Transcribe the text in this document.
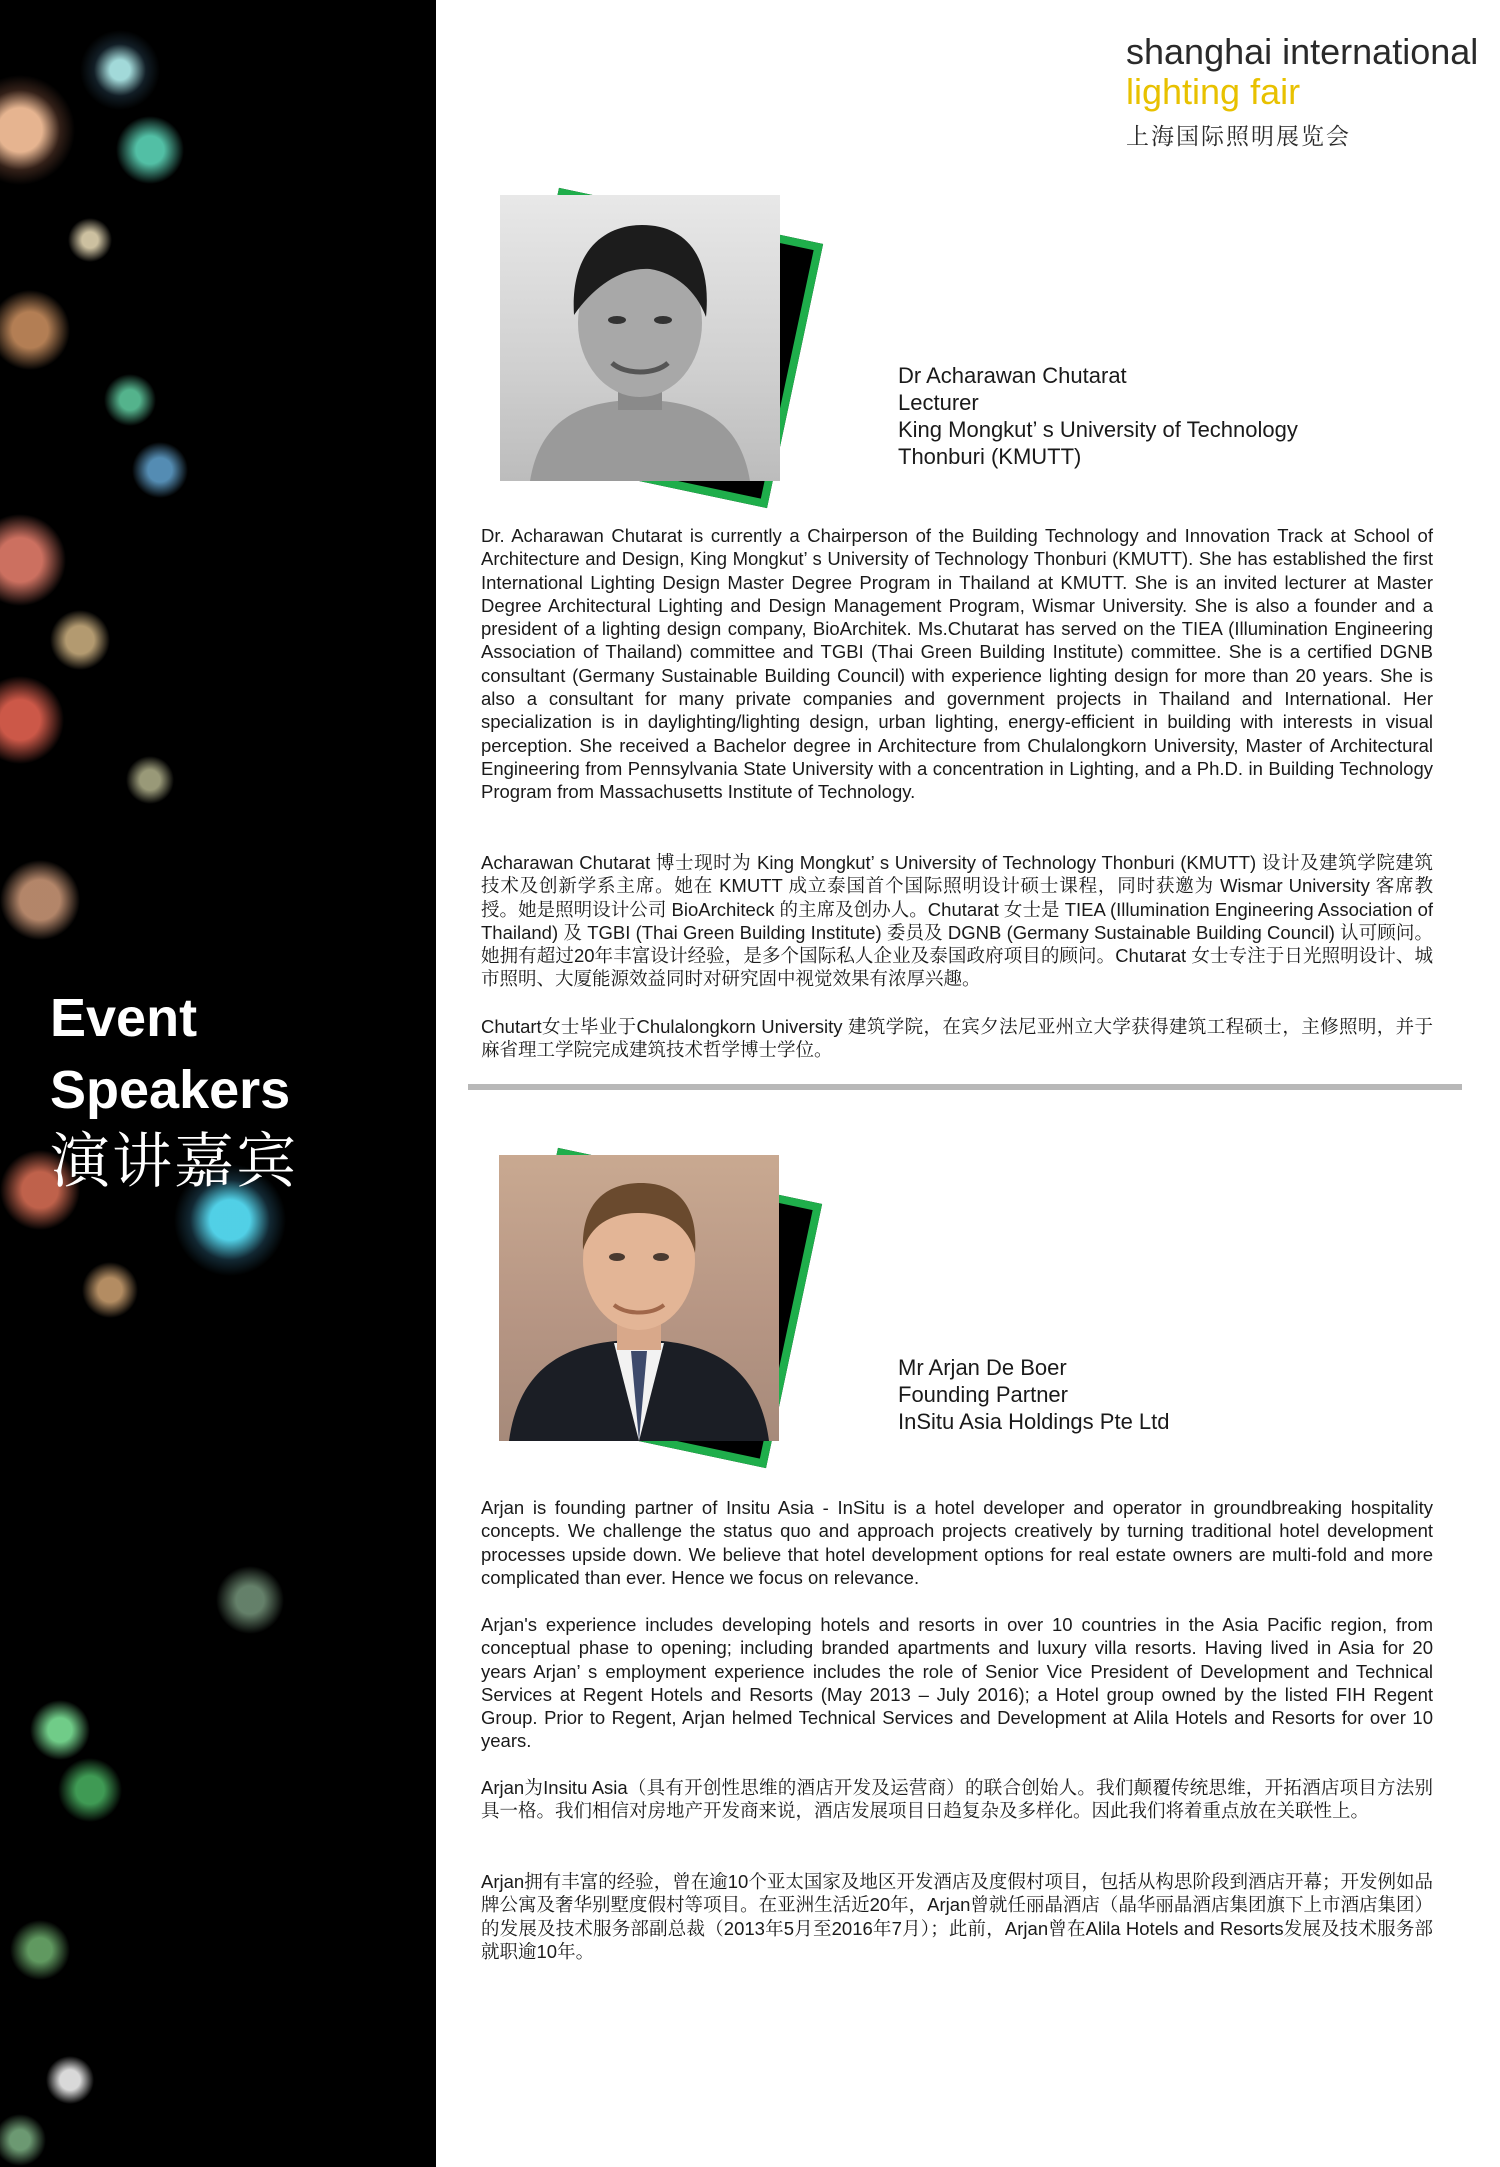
Event
Speakers
演讲嘉宾
shanghai international
lighting fair
上海国际照明展览会
Dr Acharawan Chutarat
Lecturer
King Mongkut’ s University of Technology
Thonburi (KMUTT)

Dr. Acharawan Chutarat is currently a Chairperson of the Building Technology and Innovation Track at School of Architecture and Design, King Mongkut’ s University of Technology Thonburi (KMUTT). She has established the first International Lighting Design Master Degree Program in Thailand at KMUTT. She is an invited lecturer at Master Degree Architectural Lighting and Design Management Program, Wismar University. She is also a founder and a president of a lighting design company, BioArchitek. Ms.Chutarat has served on the TIEA (Illumination Engineering Association of Thailand) committee and TGBI (Thai Green Building Institute) committee. She is a certified DGNB consultant (Germany Sustainable Building Council) with experience lighting design for more than 20 years. She is also a consultant for many private companies and government projects in Thailand and International. Her specialization is in daylighting/lighting design, urban lighting, energy-efficient in building with interests in visual perception. She received a Bachelor degree in Architecture from Chulalongkorn University, Master of Architectural Engineering from Pennsylvania State University with a concentration in Lighting, and a Ph.D. in Building Technology Program from Massachusetts Institute of Technology.

Acharawan Chutarat 博士现时为 King Mongkut’ s University of Technology Thonburi (KMUTT) 设计及建筑学院建筑技术及创新学系主席。她在 KMUTT 成立泰国首个国际照明设计硕士课程，同时获邀为 Wismar University 客席教授。她是照明设计公司 BioArchiteck 的主席及创办人。Chutarat 女士是 TIEA (Illumination Engineering Association of Thailand) 及 TGBI (Thai Green Building Institute) 委员及 DGNB (Germany Sustainable Building Council) 认可顾问。她拥有超过20年丰富设计经验，是多个国际私人企业及泰国政府项目的顾问。Chutarat 女士专注于日光照明设计、城市照明、大厦能源效益同时对研究固中视觉效果有浓厚兴趣。

Chutart女士毕业于Chulalongkorn University 建筑学院，在宾夕法尼亚州立大学获得建筑工程硕士，主修照明，并于麻省理工学院完成建筑技术哲学博士学位。

Mr Arjan De Boer
Founding Partner
InSitu Asia Holdings Pte Ltd

Arjan is founding partner of Insitu Asia - InSitu is a hotel developer and operator in groundbreaking hospitality concepts. We challenge the status quo and approach projects creatively by turning traditional hotel development processes upside down. We believe that hotel development options for real estate owners are multi-fold and more complicated than ever. Hence we focus on relevance.

Arjan's experience includes developing hotels and resorts in over 10 countries in the Asia Pacific region, from conceptual phase to opening; including branded apartments and luxury villa resorts. Having lived in Asia for 20 years Arjan’ s employment experience includes the role of Senior Vice President of Development and Technical Services at Regent Hotels and Resorts (May 2013 – July 2016); a Hotel group owned by the listed FIH Regent Group. Prior to Regent, Arjan helmed Technical Services and Development at Alila Hotels and Resorts for over 10 years.

Arjan为Insitu Asia（具有开创性思维的酒店开发及运营商）的联合创始人。我们颠覆传统思维，开拓酒店项目方法别具一格。我们相信对房地产开发商来说，酒店发展项目日趋复杂及多样化。因此我们将着重点放在关联性上。

Arjan拥有丰富的经验，曾在逾10个亚太国家及地区开发酒店及度假村项目，包括从构思阶段到酒店开幕；开发例如品牌公寓及奢华别墅度假村等项目。在亚洲生活近20年，Arjan曾就任丽晶酒店（晶华丽晶酒店集团旗下上市酒店集团）的发展及技术服务部副总裁（2013年5月至2016年7月）；此前，Arjan曾在Alila Hotels and Resorts发展及技术服务部就职逾10年。
